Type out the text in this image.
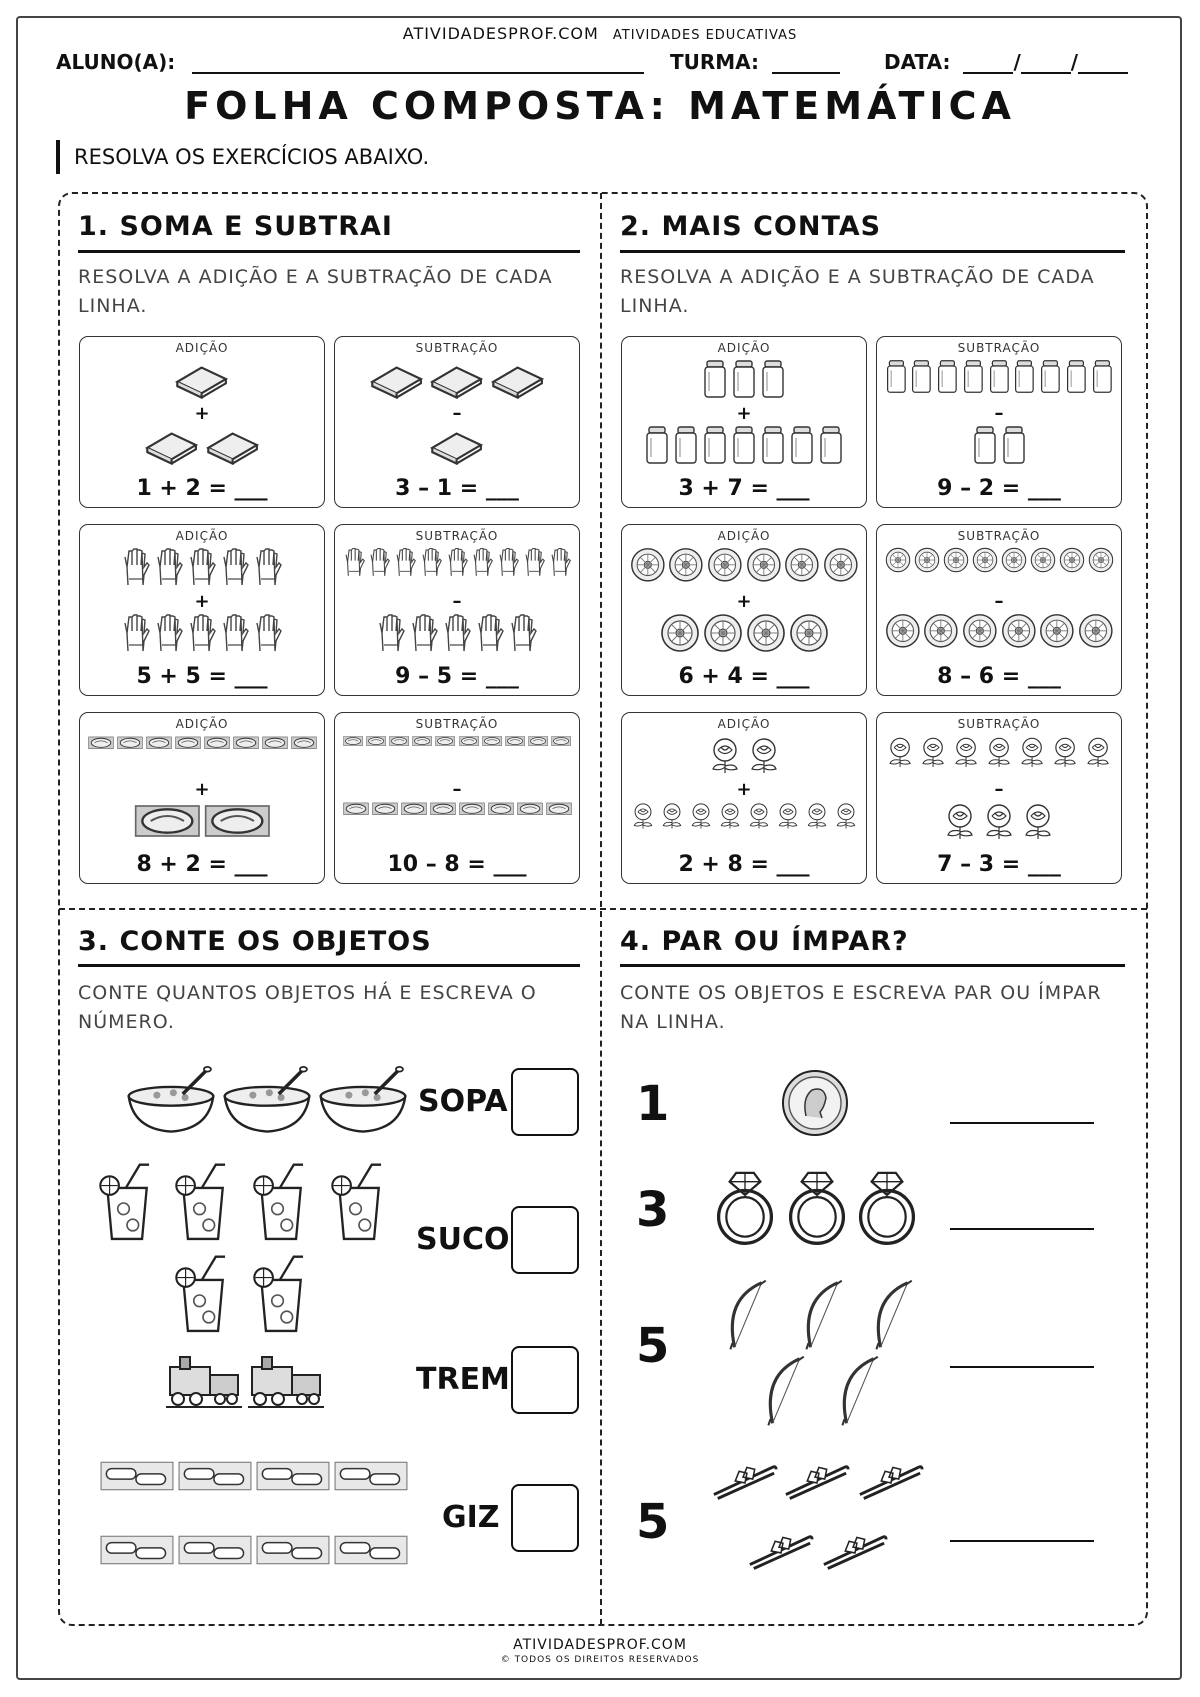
ATIVIDADESPROF.COM ATIVIDADES EDUCATIVAS
ALUNO(A):	TURMA:	DATA:	/	/
FOLHA COMPOSTA: MATEMÁTICA
RESOLVA OS EXERCÍCIOS ABAIXO.
1. SOMA E SUBTRAI
RESOLVA A ADIÇÃO E A SUBTRAÇÃO DE CADA LINHA.
ADIÇÃO
+
1 + 2 = ___
SUBTRAÇÃO
–
3 – 1 = ___
ADIÇÃO
+
5 + 5 = ___
SUBTRAÇÃO
–
9 – 5 = ___
ADIÇÃO
+
8 + 2 = ___
SUBTRAÇÃO
–
10 – 8 = ___
2. MAIS CONTAS
RESOLVA A ADIÇÃO E A SUBTRAÇÃO DE CADA LINHA.
ADIÇÃO
+
3 + 7 = ___
SUBTRAÇÃO
–
9 – 2 = ___
ADIÇÃO
+
6 + 4 = ___
SUBTRAÇÃO
–
8 – 6 = ___
ADIÇÃO
+
2 + 8 = ___
SUBTRAÇÃO
–
7 – 3 = ___
3. CONTE OS OBJETOS
CONTE QUANTOS OBJETOS HÁ E ESCREVA O NÚMERO.
SOPA
SUCO
TREM
GIZ
4. PAR OU ÍMPAR?
CONTE OS OBJETOS E ESCREVA PAR OU ÍMPAR NA LINHA.
1
3
5
5
ATIVIDADESPROF.COM
© TODOS OS DIREITOS RESERVADOS
